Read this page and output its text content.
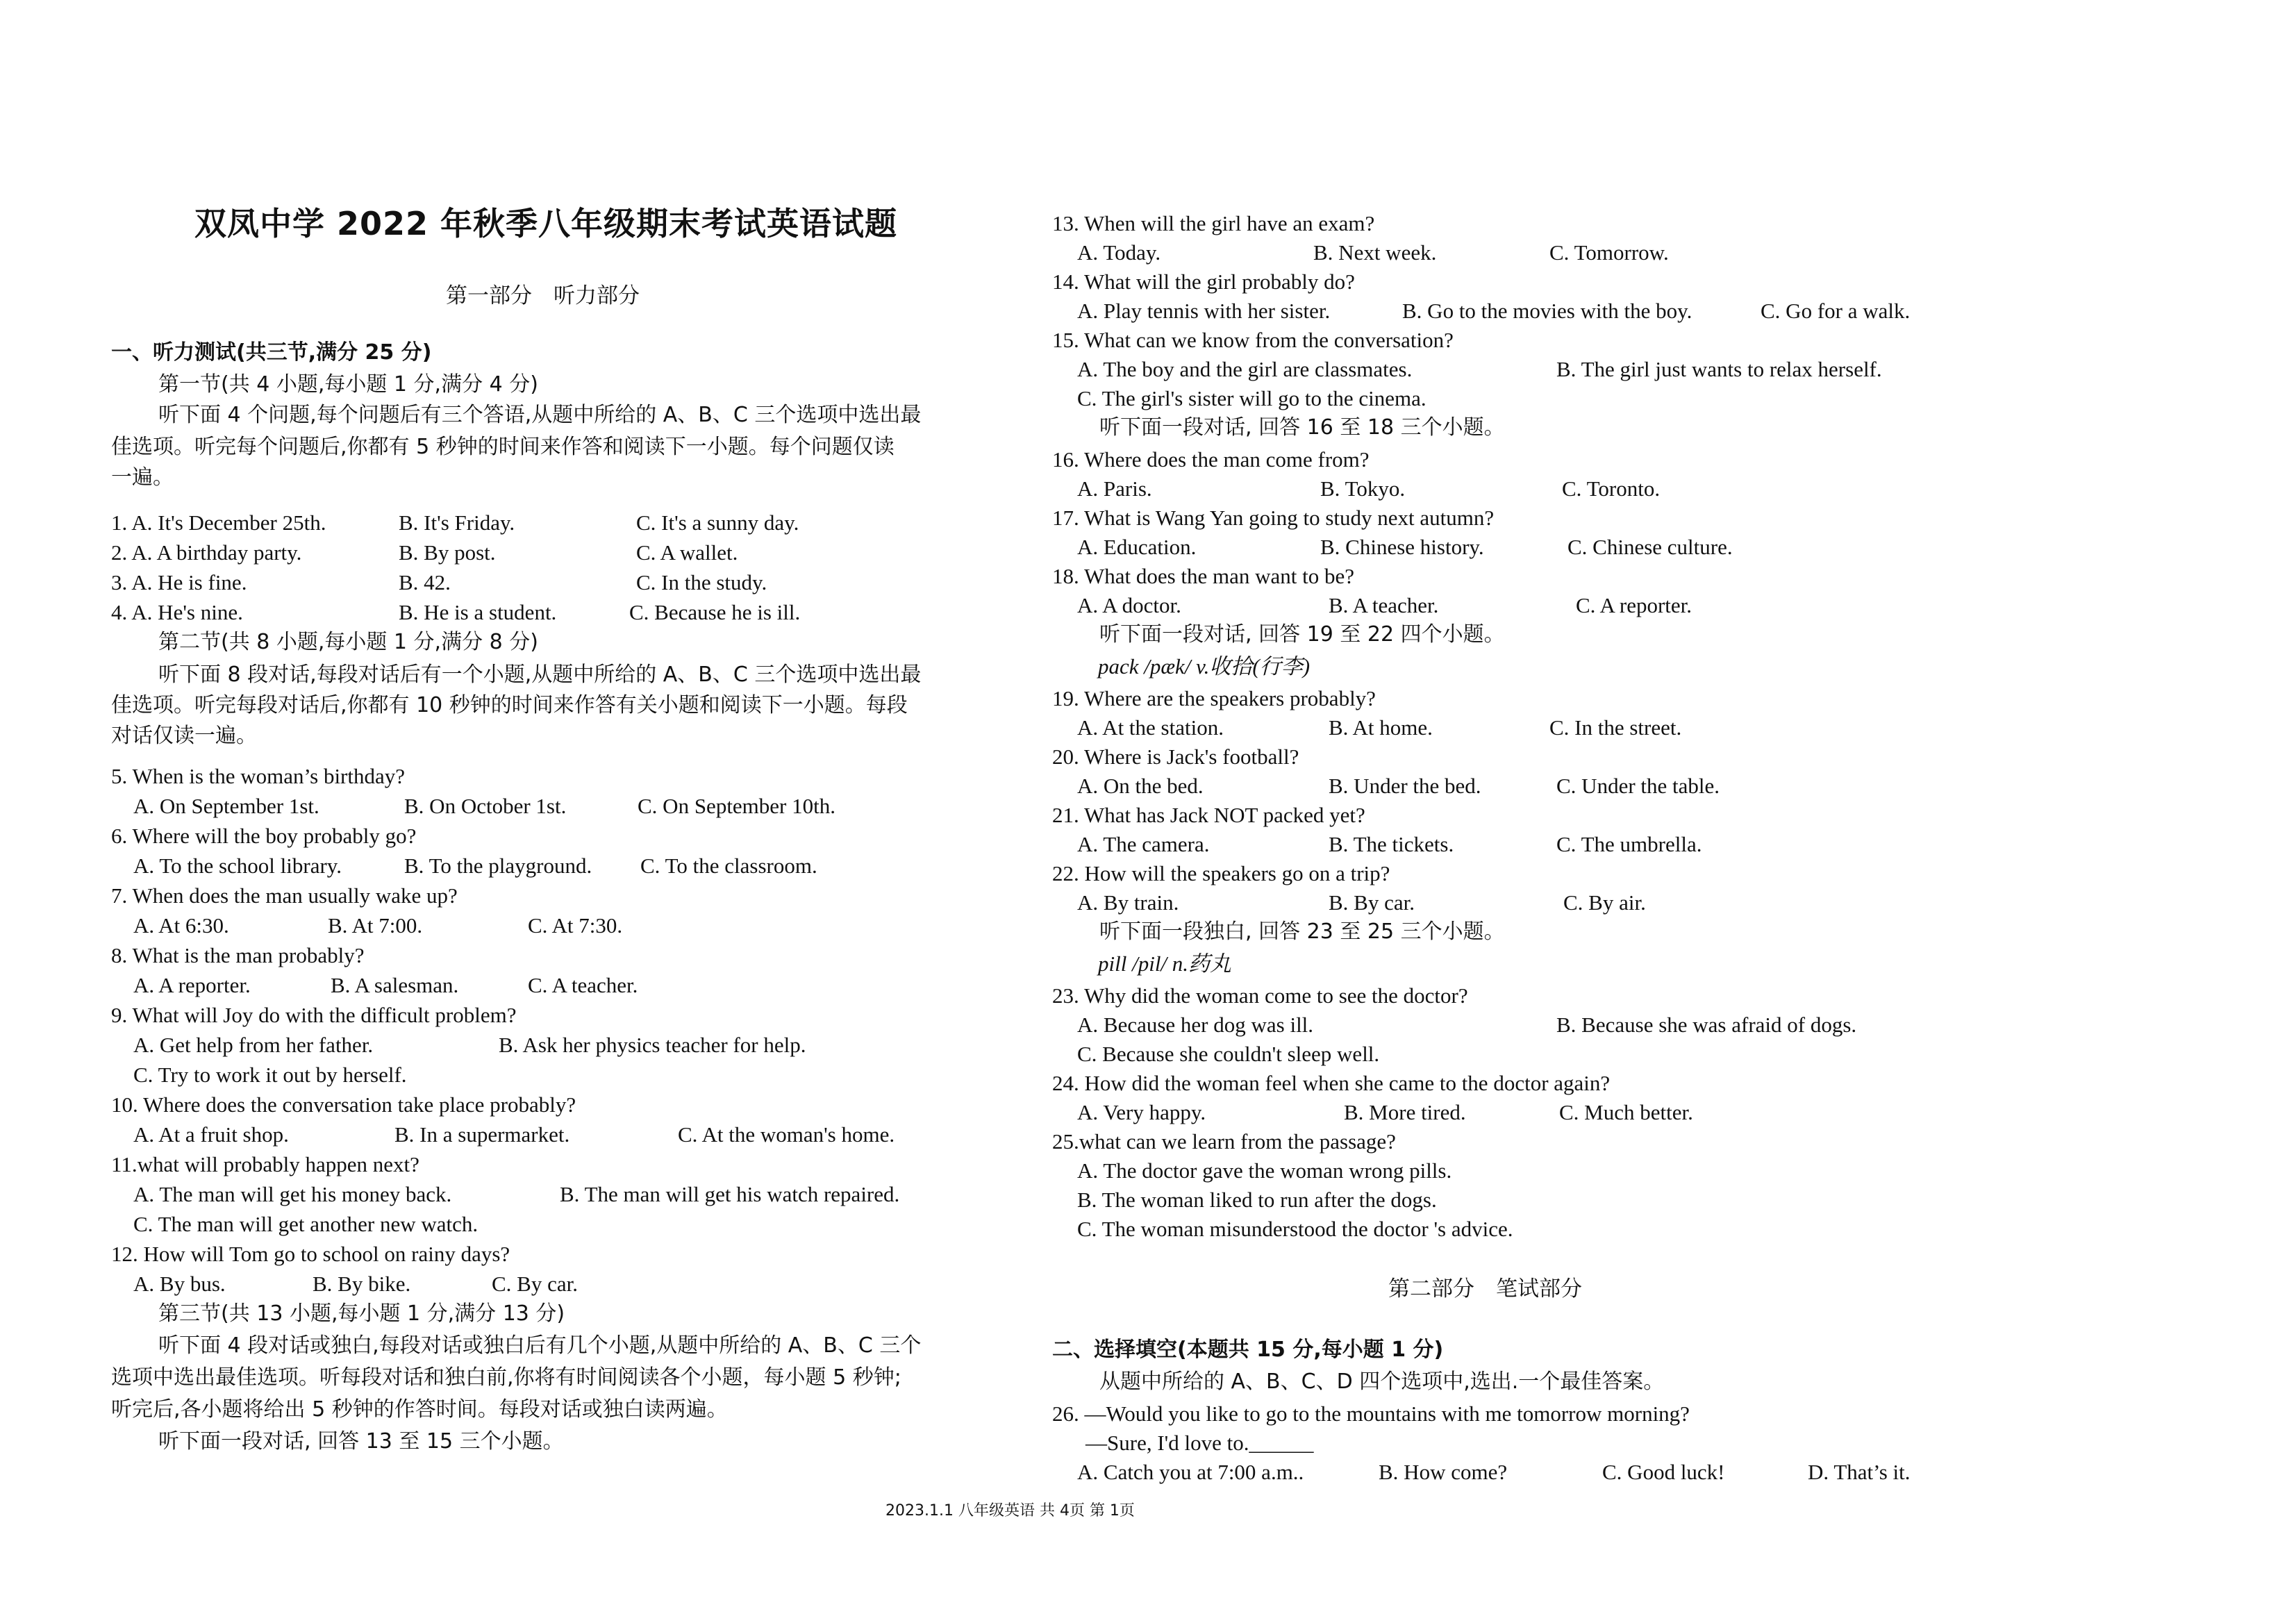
双凤中学 2022 年秋季八年级期末考试英语试题
第一部分　听力部分
一、听力测试(共三节,满分 25 分)
第一节(共 4 小题,每小题 1 分,满分 4 分)
听下面 4 个问题,每个问题后有三个答语,从题中所给的 A、B、C 三个选项中选出最
佳选项。听完每个问题后,你都有 5 秒钟的时间来作答和阅读下一小题。每个问题仅读
一遍。
1. A. It's December 25th.	B. It's Friday.	C. It's a sunny day.
2. A. A birthday party.	B. By post.	C. A wallet.
3. A. He is fine.	B. 42.	C. In the study.
4. A. He's nine.	B. He is a student.	C. Because he is ill.
第二节(共 8 小题,每小题 1 分,满分 8 分)
听下面 8 段对话,每段对话后有一个小题,从题中所给的 A、B、C 三个选项中选出最
佳选项。听完每段对话后,你都有 10 秒钟的时间来作答有关小题和阅读下一小题。每段
对话仅读一遍。
5. When is the woman’s birthday?
A. On September 1st.	B. On October 1st.	C. On September 10th.
6. Where will the boy probably go?
A. To the school library.	B. To the playground. C. To the classroom.
7. When does the man usually wake up?
A. At 6:30.	B. At 7:00.	C. At 7:30.
8. What is the man probably?
A. A reporter.	B. A salesman.	C. A teacher.
9. What will Joy do with the difficult problem?
A. Get help from her father.	B. Ask her physics teacher for help.
C. Try to work it out by herself.
10. Where does the conversation take place probably?
A. At a fruit shop.	B. In a supermarket.	C. At the woman's home.
11.what will probably happen next?
A. The man will get his money back.	B. The man will get his watch repaired.
C. The man will get another new watch.
12. How will Tom go to school on rainy days?
A. By bus.	B. By bike.	C. By car.
第三节(共 13 小题,每小题 1 分,满分 13 分)
听下面 4 段对话或独白,每段对话或独白后有几个小题,从题中所给的 A、B、C 三个
选项中选出最佳选项。听每段对话和独白前,你将有时间阅读各个小题，每小题 5 秒钟;
听完后,各小题将给出 5 秒钟的作答时间。每段对话或独白读两遍。
听下面一段对话, 回答 13 至 15 三个小题。
13. When will the girl have an exam?
A. Today.	B. Next week.	C. Tomorrow.
14. What will the girl probably do?
A. Play tennis with her sister.	B. Go to the movies with the boy.	C. Go for a walk.
15. What can we know from the conversation?
A. The boy and the girl are classmates.	B. The girl just wants to relax herself.
C. The girl's sister will go to the cinema.
听下面一段对话, 回答 16 至 18 三个小题。
16. Where does the man come from?
A. Paris.	B. Tokyo.	C. Toronto.
17. What is Wang Yan going to study next autumn?
A. Education.	B. Chinese history.	C. Chinese culture.
18. What does the man want to be?
A. A doctor.	B. A teacher.	C. A reporter.
听下面一段对话, 回答 19 至 22 四个小题。
pack /pæk/ v.收拾(行李)
19. Where are the speakers probably?
A. At the station.	B. At home.	C. In the street.
20. Where is Jack's football?
A. On the bed.	B. Under the bed.	C. Under the table.
21. What has Jack NOT packed yet?
A. The camera.	B. The tickets.	C. The umbrella.
22. How will the speakers go on a trip?
A. By train.	B. By car.	C. By air.
听下面一段独白, 回答 23 至 25 三个小题。
pill /pil/ n.药丸
23. Why did the woman come to see the doctor?
A. Because her dog was ill.	B. Because she was afraid of dogs.
C. Because she couldn't sleep well.
24. How did the woman feel when she came to the doctor again?
A. Very happy.	B. More tired.	C. Much better.
25.what can we learn from the passage?
A. The doctor gave the woman wrong pills.
B. The woman liked to run after the dogs.
C. The woman misunderstood the doctor 's advice.
第二部分　笔试部分
二、选择填空(本题共 15 分,每小题 1 分)
从题中所给的 A、B、C、D 四个选项中,选出.一个最佳答案。
26. —Would you like to go to the mountains with me tomorrow morning?
—Sure, I'd love to.______
A. Catch you at 7:00 a.m..	B. How come?	C. Good luck!	D. That’s it.
2023.1.1 八年级英语 共 4页 第 1页
